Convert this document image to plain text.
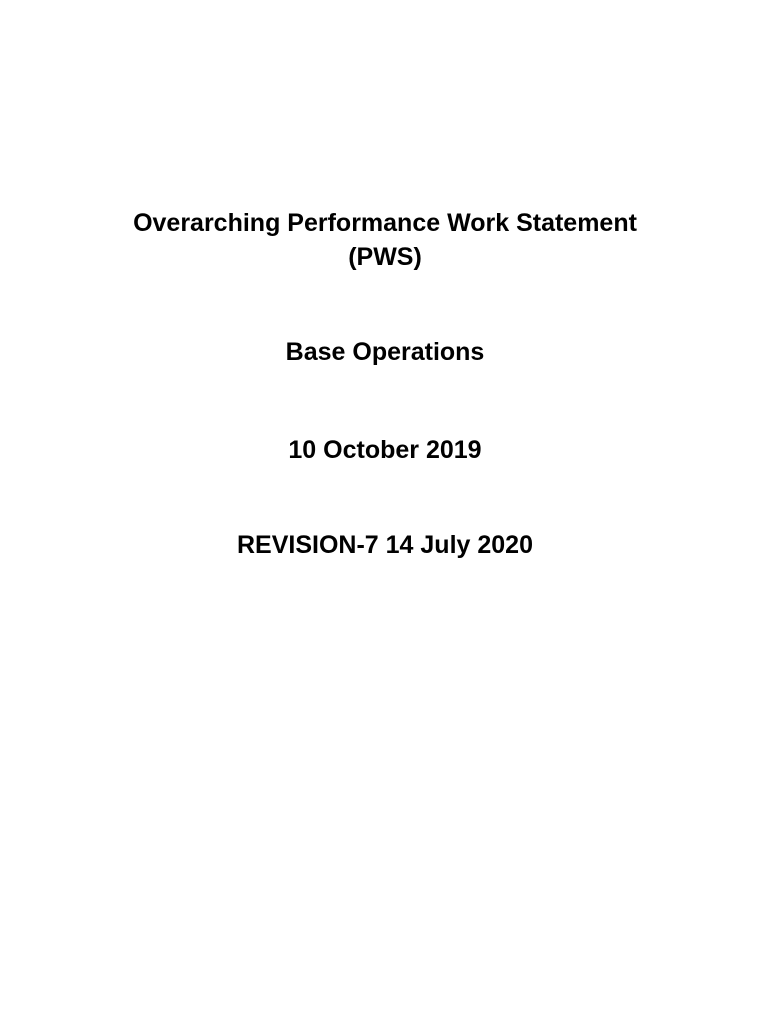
Overarching Performance Work Statement
(PWS)
Base Operations
10 October 2019
REVISION-7 14 July 2020
